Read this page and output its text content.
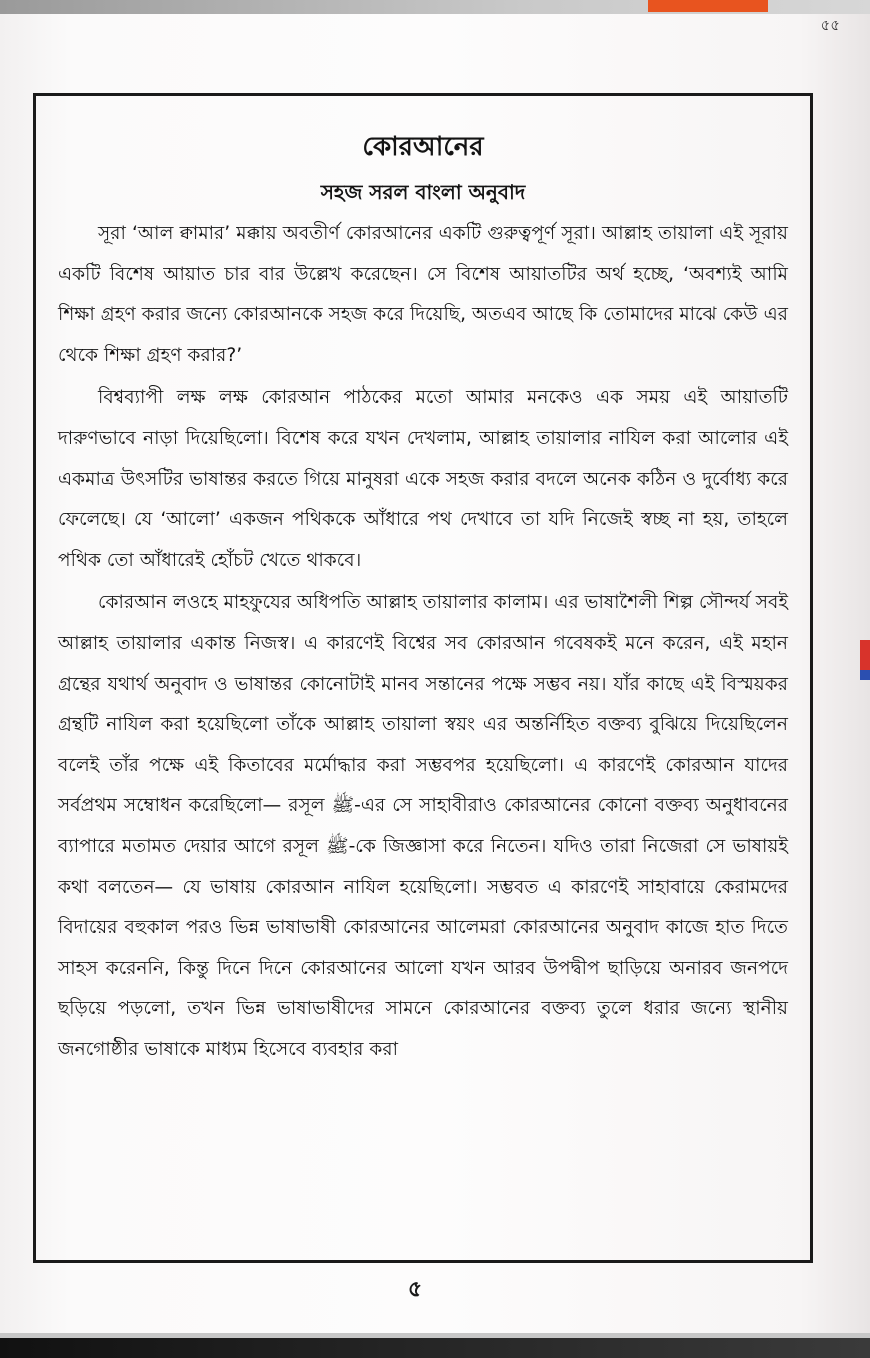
৫৫
কোরআনের
সহজ সরল বাংলা অনুবাদ

সূরা ‘আল ক্বামার’ মক্কায় অবতীর্ণ কোরআনের একটি গুরুত্বপূর্ণ সূরা। আল্লাহ তায়ালা এই সূরায় একটি বিশেষ আয়াত চার বার উল্লেখ করেছেন। সে বিশেষ আয়াতটির অর্থ হচ্ছে, ‘অবশ্যই আমি শিক্ষা গ্রহণ করার জন্যে কোরআনকে সহজ করে দিয়েছি, অতএব আছে কি তোমাদের মাঝে কেউ এর থেকে শিক্ষা গ্রহণ করার?’

বিশ্বব্যাপী লক্ষ লক্ষ কোরআন পাঠকের মতো আমার মনকেও এক সময় এই আয়াতটি দারুণভাবে নাড়া দিয়েছিলো। বিশেষ করে যখন দেখলাম, আল্লাহ তায়ালার নাযিল করা আলোর এই একমাত্র উৎসটির ভাষান্তর করতে গিয়ে মানুষরা একে সহজ করার বদলে অনেক কঠিন ও দুর্বোধ্য করে ফেলেছে। যে ‘আলো’ একজন পথিককে আঁধারে পথ দেখাবে তা যদি নিজেই স্বচ্ছ না হয়, তাহলে পথিক তো আঁধারেই হোঁচট খেতে থাকবে।

কোরআন লওহে মাহফুযের অধিপতি আল্লাহ তায়ালার কালাম। এর ভাষাশৈলী শিল্প সৌন্দর্য সবই আল্লাহ তায়ালার একান্ত নিজস্ব। এ কারণেই বিশ্বের সব কোরআন গবেষকই মনে করেন, এই মহান গ্রন্থের যথার্থ অনুবাদ ও ভাষান্তর কোনোটাই মানব সন্তানের পক্ষে সম্ভব নয়। যাঁর কাছে এই বিস্ময়কর গ্রন্থটি নাযিল করা হয়েছিলো তাঁকে আল্লাহ তায়ালা স্বয়ং এর অন্তর্নিহিত বক্তব্য বুঝিয়ে দিয়েছিলেন বলেই তাঁর পক্ষে এই কিতাবের মর্মোদ্ধার করা সম্ভবপর হয়েছিলো। এ কারণেই কোরআন যাদের সর্বপ্রথম সম্বোধন করেছিলো— রসূল ﷺ-এর সে সাহাবীরাও কোরআনের কোনো বক্তব্য অনুধাবনের ব্যাপারে মতামত দেয়ার আগে রসূল ﷺ-কে জিজ্ঞাসা করে নিতেন। যদিও তারা নিজেরা সে ভাষায়ই কথা বলতেন— যে ভাষায় কোরআন নাযিল হয়েছিলো। সম্ভবত এ কারণেই সাহাবায়ে কেরামদের বিদায়ের বহুকাল পরও ভিন্ন ভাষাভাষী কোরআনের আলেমরা কোরআনের অনুবাদ কাজে হাত দিতে সাহস করেননি, কিন্তু দিনে দিনে কোরআনের আলো যখন আরব উপদ্বীপ ছাড়িয়ে অনারব জনপদে ছড়িয়ে পড়লো, তখন ভিন্ন ভাষাভাষীদের সামনে কোরআনের বক্তব্য তুলে ধরার জন্যে স্থানীয় জনগোষ্ঠীর ভাষাকে মাধ্যম হিসেবে ব্যবহার করা

৫
